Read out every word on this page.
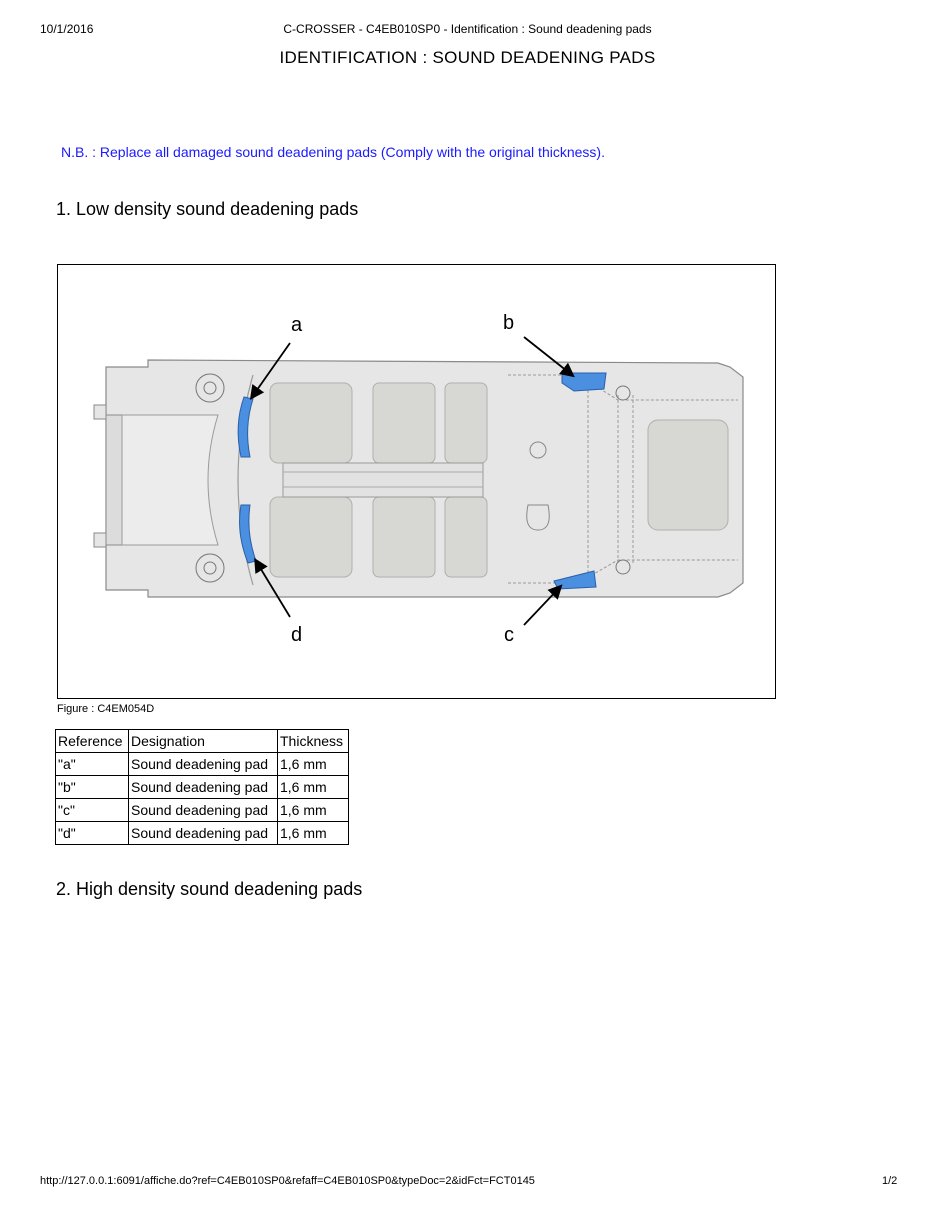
10/1/2016	C-CROSSER - C4EB010SP0 - Identification : Sound deadening pads
IDENTIFICATION : SOUND DEADENING PADS
N.B. : Replace all damaged sound deadening pads (Comply with the original thickness).
1. Low density sound deadening pads
a	b
d	c
Figure : C4EM054D
Reference	Designation	Thickness
"a"	Sound deadening pad	1,6 mm
"b"	Sound deadening pad	1,6 mm
"c"	Sound deadening pad	1,6 mm
"d"	Sound deadening pad	1,6 mm
2. High density sound deadening pads
http://127.0.0.1:6091/affiche.do?ref=C4EB010SP0&refaff=C4EB010SP0&typeDoc=2&idFct=FCT0145	1/2
